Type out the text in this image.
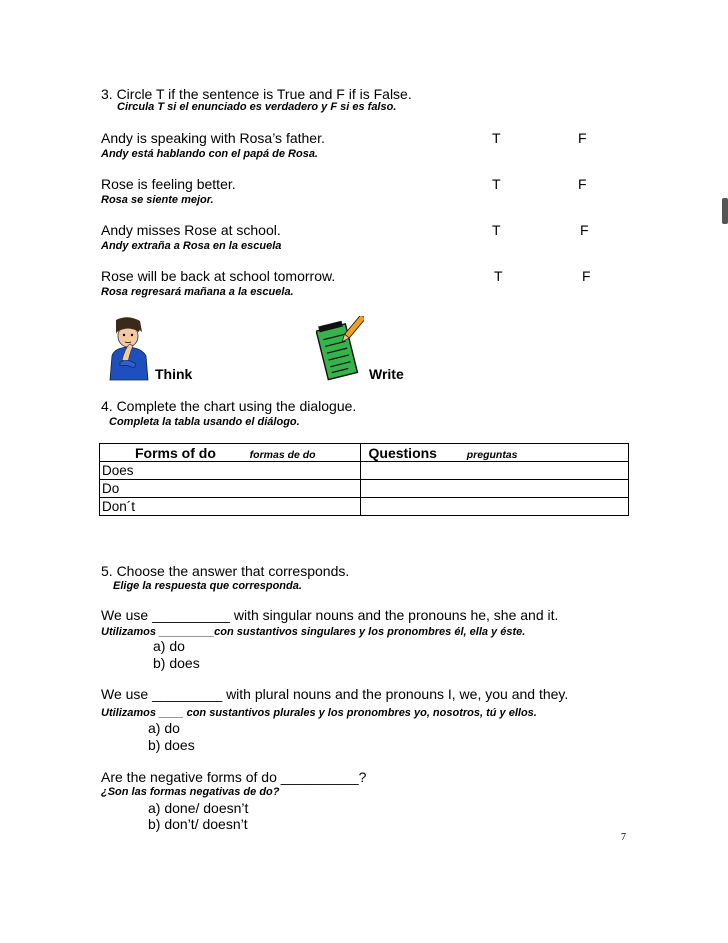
3. Circle T if the sentence is True and F if is False.
Circula T si el enunciado es verdadero y F si es falso.
Andy is speaking with Rosa’s father.	T	F
Andy está hablando con el papá de Rosa.
Rose is feeling better.	T	F
Rosa se siente mejor.
Andy misses Rose at school.	T	F
Andy extraña a Rosa en la escuela
Rose will be back at school tomorrow.	T	F
Rosa regresará mañana a la escuela.
Think	Write
4. Complete the chart using the dialogue.
Completa la tabla usando el diálogo.
Forms of do formas de do	Questions preguntas
Does	
Do	
Don´t	
5. Choose the answer that corresponds.
Elige la respuesta que corresponda.
We use __________ with singular nouns and the pronouns he, she and it.
Utilizamos _________con sustantivos singulares y los pronombres él, ella y éste.
a) do
b) does
We use _________ with plural nouns and the pronouns I, we, you and they.
Utilizamos ____ con sustantivos plurales y los pronombres yo, nosotros, tú y ellos.
a) do
b) does
Are the negative forms of do __________?
¿Son las formas negativas de do?
a) done/ doesn’t
b) don’t/ doesn’t
7
